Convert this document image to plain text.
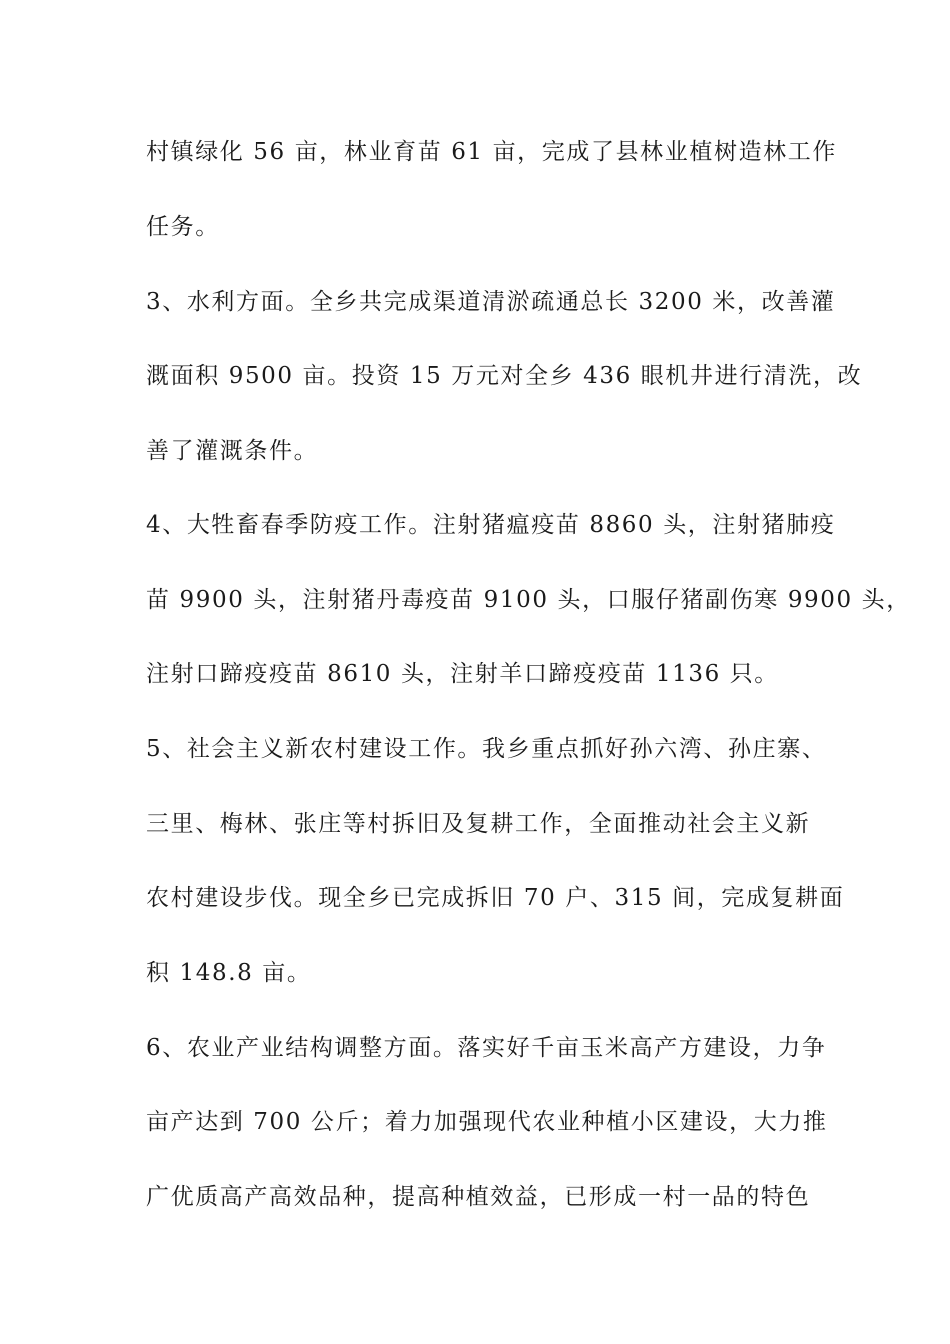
村镇绿化 56 亩，林业育苗 61 亩，完成了县林业植树造林工作
任务。
3、水利方面。全乡共完成渠道清淤疏通总长 3200 米，改善灌
溉面积 9500 亩。投资 15 万元对全乡 436 眼机井进行清洗，改
善了灌溉条件。
4、大牲畜春季防疫工作。注射猪瘟疫苗 8860 头，注射猪肺疫
苗 9900 头，注射猪丹毒疫苗 9100 头，口服仔猪副伤寒 9900 头，
注射口蹄疫疫苗 8610 头，注射羊口蹄疫疫苗 1136 只。
5、社会主义新农村建设工作。我乡重点抓好孙六湾、孙庄寨、
三里、梅林、张庄等村拆旧及复耕工作，全面推动社会主义新
农村建设步伐。现全乡已完成拆旧 70 户、315 间，完成复耕面
积 148.8 亩。
6、农业产业结构调整方面。落实好千亩玉米高产方建设，力争
亩产达到 700 公斤；着力加强现代农业种植小区建设，大力推
广优质高产高效品种，提高种植效益，已形成一村一品的特色
